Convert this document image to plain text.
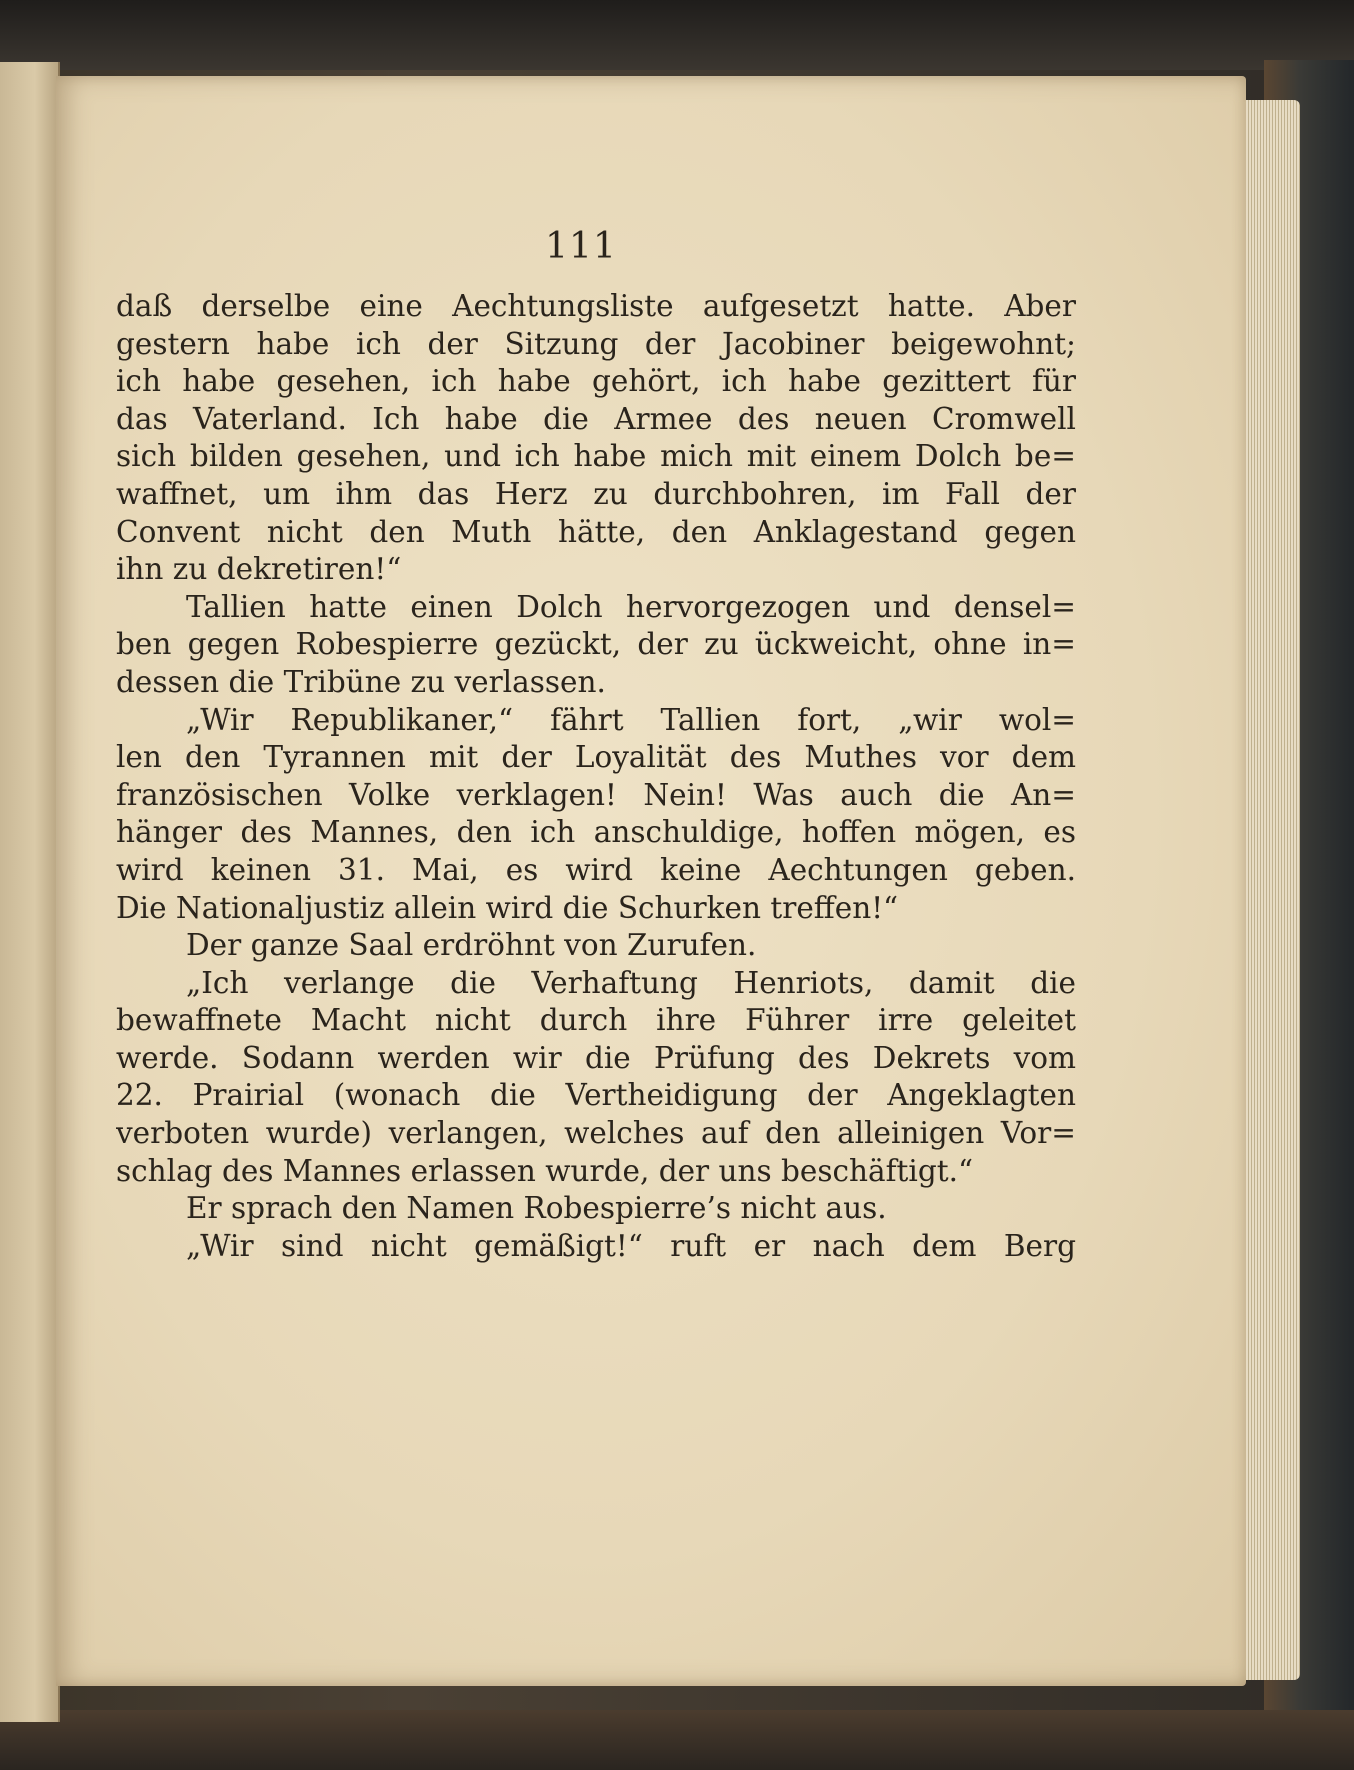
111
daß derselbe eine Aechtungsliste aufgesetzt hatte. Aber
gestern habe ich der Sitzung der Jacobiner beigewohnt;
ich habe gesehen, ich habe gehört, ich habe gezittert für
das Vaterland. Ich habe die Armee des neuen Cromwell
sich bilden gesehen, und ich habe mich mit einem Dolch be=
waffnet, um ihm das Herz zu durchbohren, im Fall der
Convent nicht den Muth hätte, den Anklagestand gegen
ihn zu dekretiren!“
Tallien hatte einen Dolch hervorgezogen und densel=
ben gegen Robespierre gezückt, der zu ückweicht, ohne in=
dessen die Tribüne zu verlassen.
„Wir Republikaner,“ fährt Tallien fort, „wir wol=
len den Tyrannen mit der Loyalität des Muthes vor dem
französischen Volke verklagen! Nein! Was auch die An=
hänger des Mannes, den ich anschuldige, hoffen mögen, es
wird keinen 31. Mai, es wird keine Aechtungen geben.
Die Nationaljustiz allein wird die Schurken treffen!“
Der ganze Saal erdröhnt von Zurufen.
„Ich verlange die Verhaftung Henriots, damit die
bewaffnete Macht nicht durch ihre Führer irre geleitet
werde. Sodann werden wir die Prüfung des Dekrets vom
22. Prairial (wonach die Vertheidigung der Angeklagten
verboten wurde) verlangen, welches auf den alleinigen Vor=
schlag des Mannes erlassen wurde, der uns beschäftigt.“
Er sprach den Namen Robespierre’s nicht aus.
„Wir sind nicht gemäßigt!“ ruft er nach dem Berg
